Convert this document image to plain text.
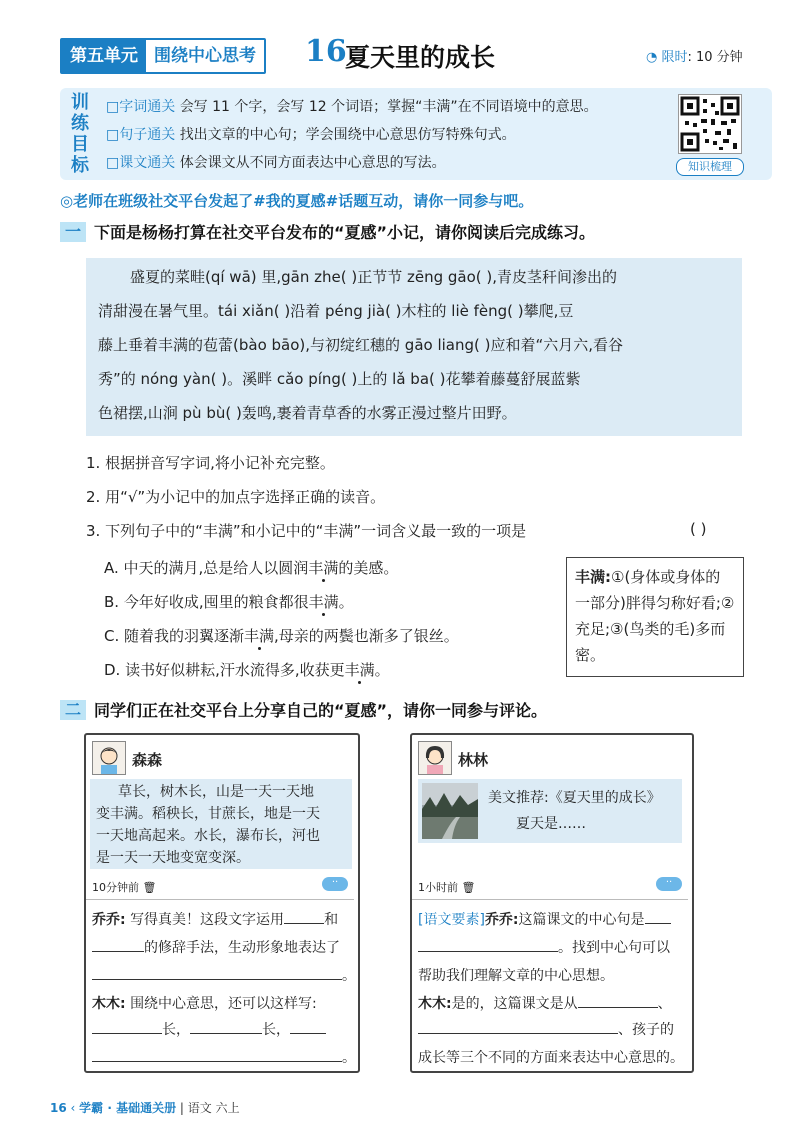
第五单元 围绕中心思考 16
夏天里的成长	◔ 限时: 10 分钟
训
练
目
标
□字词通关 会写 11 个字，会写 12 个词语；掌握“丰满”在不同语境中的意思。
□句子通关 找出文章的中心句；学会围绕中心意思仿写特殊句式。
□课文通关 体会课文从不同方面表达中心意思的写法。	知识梳理
◎老师在班级社交平台发起了#我的夏感#话题互动，请你一同参与吧。
一 下面是杨杨打算在社交平台发布的“夏感”小记，请你阅读后完成练习。
盛夏的菜畦(qí wā) 里,gān zhe( )正节节 zēng gāo( ),青皮茎秆间渗出的
清甜漫在暑气里。tái xiǎn( )沿着 péng jià( )木柱的 liè fèng( )攀爬,豆
藤上垂着丰满的苞蕾(bào bāo),与初绽红穗的 gāo liang( )应和着“六月六,看谷
秀”的 nóng yàn( )。溪畔 cǎo píng( )上的 lǎ ba( )花攀着藤蔓舒展蓝紫
色裙摆,山涧 pù bù( )轰鸣,裹着青草香的水雾正漫过整片田野。
1. 根据拼音写字词,将小记补充完整。
2. 用“√”为小记中的加点字选择正确的读音。
3. 下列句子中的“丰满”和小记中的“丰满”一词含义最一致的一项是	( )
A. 中天的满月,总是给人以圆润丰满的美感。
B. 今年好收成,囤里的粮食都很丰满。
C. 随着我的羽翼逐渐丰满,母亲的两鬓也渐多了银丝。
D. 读书好似耕耘,汗水流得多,收获更丰满。
丰满:①(身体或身体的一部分)胖得匀称好看;②充足;③(鸟类的毛)多而密。
二 同学们正在社交平台上分享自己的“夏感”，请你一同参与评论。
森森
草长，树木长，山是一天一天地
变丰满。稻秧长，甘蔗长，地是一天
一天地高起来。水长，瀑布长，河也
是一天一天地变宽变深。
10分钟前 🗑	··
乔乔: 写得真美！这段文字运用	和
的修辞手法，生动形象地表达了
。
木木: 围绕中心意思，还可以这样写:
长，	长，
。
林林
美文推荐:《夏天里的成长》
夏天是……
1小时前 🗑	··
[语文要素]乔乔:这篇课文的中心句是
。找到中心句可以
帮助我们理解文章的中心思想。
木木:是的，这篇课文是从	、
、孩子的
成长等三个不同的方面来表达中心意思的。
16 ‹ 学霸 · 基础通关册 | 语文 六上
